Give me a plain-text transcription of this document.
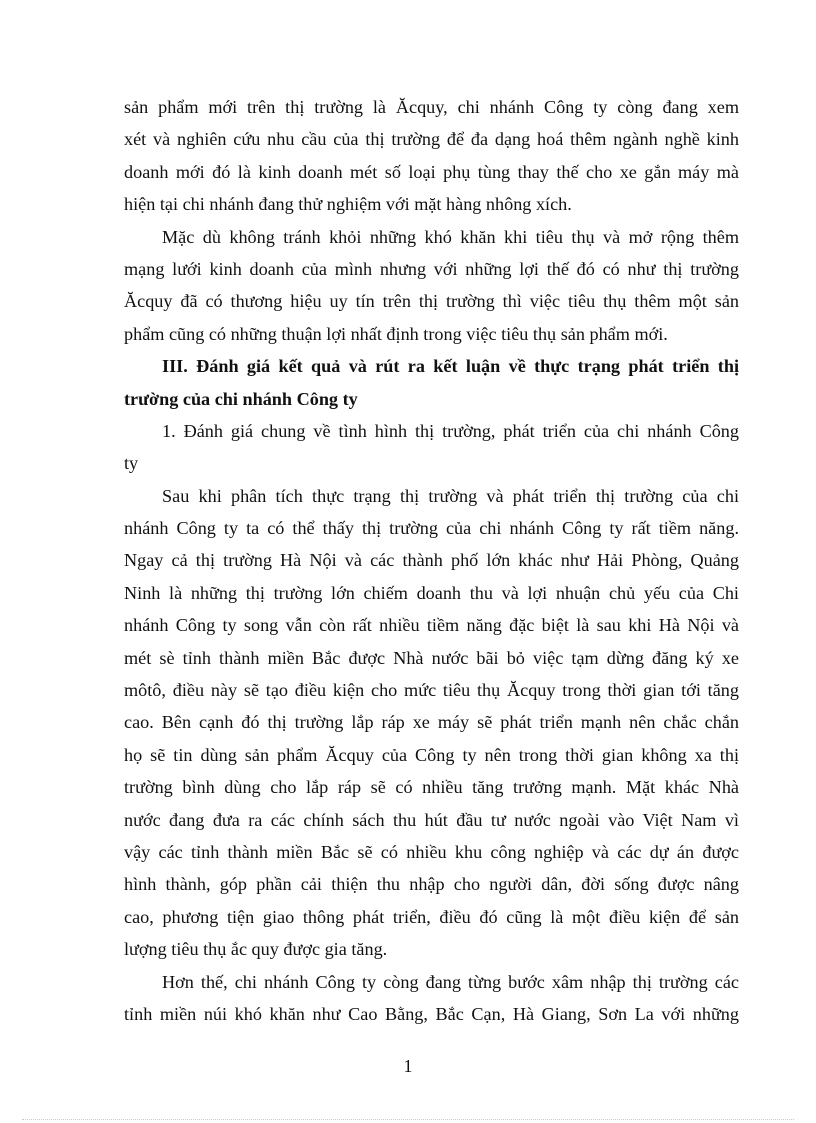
sản phẩm mới trên thị trường là Ăcquy, chi nhánh Công ty còng đang xem
xét và nghiên cứu nhu cầu của thị trường để đa dạng hoá thêm ngành nghề kinh
doanh mới đó là kinh doanh mét số loại phụ tùng thay thế cho xe gắn máy mà
hiện tại chi nhánh đang thử nghiệm với mặt hàng nhông xích.
Mặc dù không tránh khỏi những khó khăn khi tiêu thụ và mở rộng thêm
mạng lưới kinh doanh của mình nhưng với những lợi thế đó có như thị trường
Ăcquy đã có thương hiệu uy tín trên thị trường thì việc tiêu thụ thêm một sản
phẩm cũng có những thuận lợi nhất định trong việc tiêu thụ sản phẩm mới.
III. Đánh giá kết quả và rút ra kết luận về thực trạng phát triển thị
trường của chi nhánh Công ty
1. Đánh giá chung về tình hình thị trường, phát triển của chi nhánh Công
ty
Sau khi phân tích thực trạng thị trường và phát triển thị trường của chi
nhánh Công ty ta có thể thấy thị trường của chi nhánh Công ty rất tiềm năng.
Ngay cả thị trường Hà Nội và các thành phố lớn khác như Hải Phòng, Quảng
Ninh là những thị trường lớn chiếm doanh thu và lợi nhuận chủ yếu của Chi
nhánh Công ty song vẫn còn rất nhiều tiềm năng đặc biệt là sau khi Hà Nội và
mét sè tỉnh thành miền Bắc được Nhà nước bãi bỏ việc tạm dừng đăng ký xe
môtô, điều này sẽ tạo điều kiện cho mức tiêu thụ Ăcquy trong thời gian tới tăng
cao. Bên cạnh đó thị trường lắp ráp xe máy sẽ phát triển mạnh nên chắc chắn
họ sẽ tin dùng sản phẩm Ăcquy của Công ty nên trong thời gian không xa thị
trường bình dùng cho lắp ráp sẽ có nhiều tăng trưởng mạnh. Mặt khác Nhà
nước đang đưa ra các chính sách thu hút đầu tư nước ngoài vào Việt Nam vì
vậy các tỉnh thành miền Bắc sẽ có nhiều khu công nghiệp và các dự án được
hình thành, góp phần cải thiện thu nhập cho người dân, đời sống được nâng
cao, phương tiện giao thông phát triển, điều đó cũng là một điều kiện để sản
lượng tiêu thụ ắc quy được gia tăng.
Hơn thế, chi nhánh Công ty còng đang từng bước xâm nhập thị trường các
tỉnh miền núi khó khăn như Cao Bằng, Bắc Cạn, Hà Giang, Sơn La với những
1
